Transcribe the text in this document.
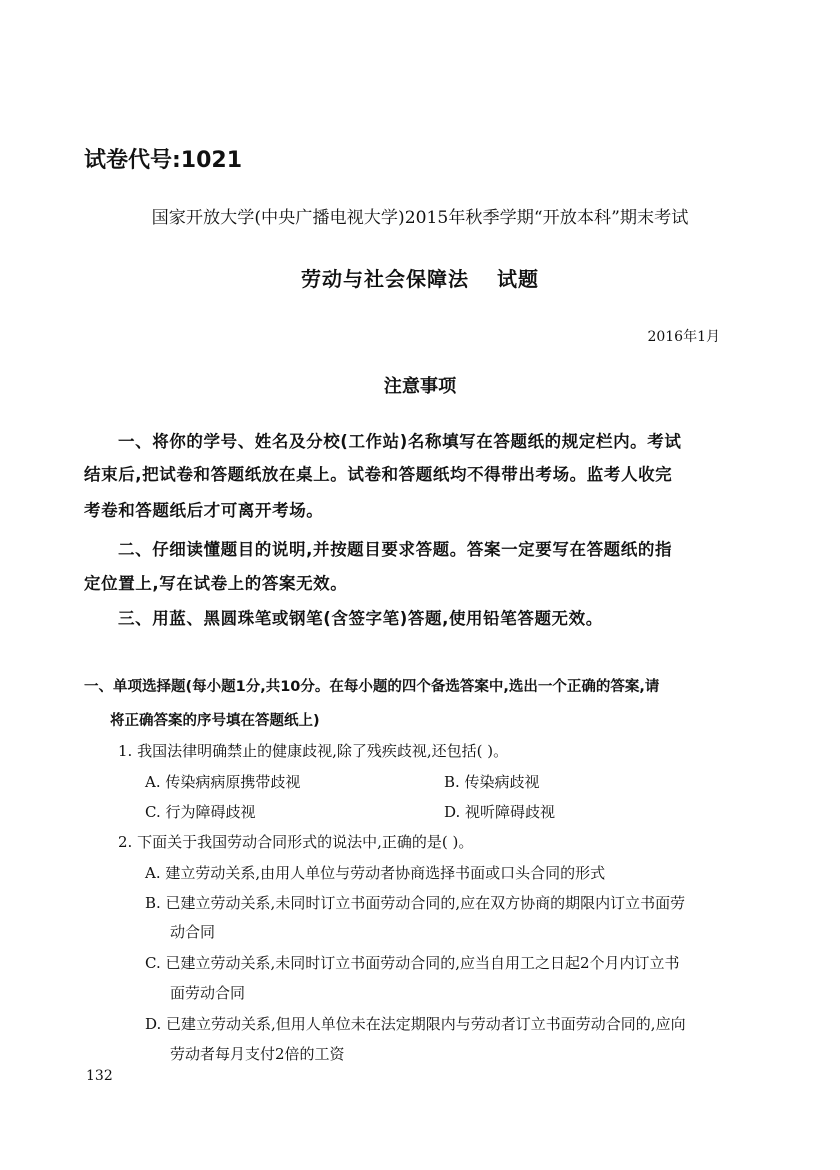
试卷代号:1021
国家开放大学(中央广播电视大学)2015年秋季学期“开放本科”期末考试
劳动与社会保障法 试题
2016年1月
注意事项
一、将你的学号、姓名及分校(工作站)名称填写在答题纸的规定栏内。考试
结束后,把试卷和答题纸放在桌上。试卷和答题纸均不得带出考场。监考人收完
考卷和答题纸后才可离开考场。
二、仔细读懂题目的说明,并按题目要求答题。答案一定要写在答题纸的指
定位置上,写在试卷上的答案无效。
三、用蓝、黑圆珠笔或钢笔(含签字笔)答题,使用铅笔答题无效。
一、单项选择题(每小题1分,共10分。在每小题的四个备选答案中,选出一个正确的答案,请
将正确答案的序号填在答题纸上)
1. 我国法律明确禁止的健康歧视,除了残疾歧视,还包括( )。
A. 传染病病原携带歧视	B. 传染病歧视
C. 行为障碍歧视	D. 视听障碍歧视
2. 下面关于我国劳动合同形式的说法中,正确的是( )。
A. 建立劳动关系,由用人单位与劳动者协商选择书面或口头合同的形式
B. 已建立劳动关系,未同时订立书面劳动合同的,应在双方协商的期限内订立书面劳
动合同
C. 已建立劳动关系,未同时订立书面劳动合同的,应当自用工之日起2个月内订立书
面劳动合同
D. 已建立劳动关系,但用人单位未在法定期限内与劳动者订立书面劳动合同的,应向
劳动者每月支付2倍的工资
132
